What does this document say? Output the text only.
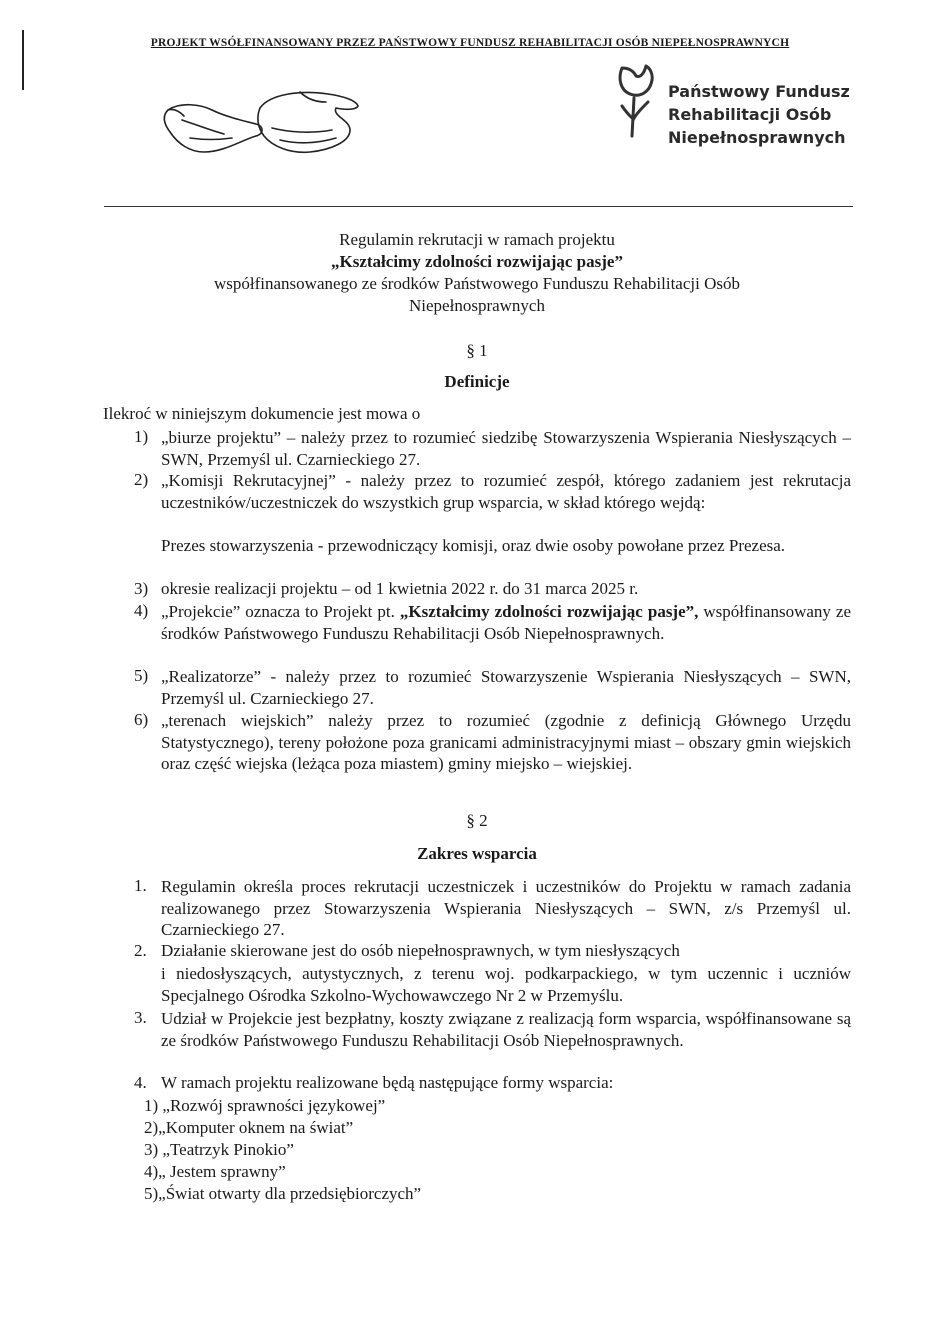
PROJEKT WSÓŁFINANSOWANY PRZEZ PAŃSTWOWY FUNDUSZ REHABILITACJI OSÓB NIEPEŁNOSPRAWNYCH
Państwowy Fundusz
Rehabilitacji Osób
Niepełnosprawnych
Regulamin rekrutacji w ramach projektu
„Kształcimy zdolności rozwijając pasje”
współfinansowanego ze środków Państwowego Funduszu Rehabilitacji Osób
Niepełnosprawnych
§ 1
Definicje
Ilekroć w niniejszym dokumencie jest mowa o
1) „biurze projektu” – należy przez to rozumieć siedzibę Stowarzyszenia Wspierania Niesłyszących – SWN, Przemyśl ul. Czarnieckiego 27.
2) „Komisji Rekrutacyjnej” - należy przez to rozumieć zespół, którego zadaniem jest rekrutacja uczestników/uczestniczek do wszystkich grup wsparcia, w skład którego wejdą:
Prezes stowarzyszenia - przewodniczący komisji, oraz dwie osoby powołane przez Prezesa.
3) okresie realizacji projektu – od 1 kwietnia 2022 r. do 31 marca 2025 r.
4) „Projekcie” oznacza to Projekt pt. „Kształcimy zdolności rozwijając pasje”, współfinansowany ze środków Państwowego Funduszu Rehabilitacji Osób Niepełnosprawnych.
5) „Realizatorze” - należy przez to rozumieć Stowarzyszenie Wspierania Niesłyszących – SWN, Przemyśl ul. Czarnieckiego 27.
6) „terenach wiejskich” należy przez to rozumieć (zgodnie z definicją Głównego Urzędu Statystycznego), tereny położone poza granicami administracyjnymi miast – obszary gmin wiejskich oraz część wiejska (leżąca poza miastem) gminy miejsko – wiejskiej.
§ 2
Zakres wsparcia
1. Regulamin określa proces rekrutacji uczestniczek i uczestników do Projektu w ramach zadania realizowanego przez Stowarzyszenia Wspierania Niesłyszących – SWN, z/s Przemyśl ul. Czarnieckiego 27.
2. Działanie skierowane jest do osób niepełnosprawnych, w tym niesłyszących
i niedosłyszących, autystycznych, z terenu woj. podkarpackiego, w tym uczennic i uczniów Specjalnego Ośrodka Szkolno-Wychowawczego Nr 2 w Przemyślu.
3. Udział w Projekcie jest bezpłatny, koszty związane z realizacją form wsparcia, współfinansowane są ze środków Państwowego Funduszu Rehabilitacji Osób Niepełnosprawnych.
4. W ramach projektu realizowane będą następujące formy wsparcia:
1) „Rozwój sprawności językowej”
2)„Komputer oknem na świat”
3) „Teatrzyk Pinokio”
4)„ Jestem sprawny”
5)„Świat otwarty dla przedsiębiorczych”
